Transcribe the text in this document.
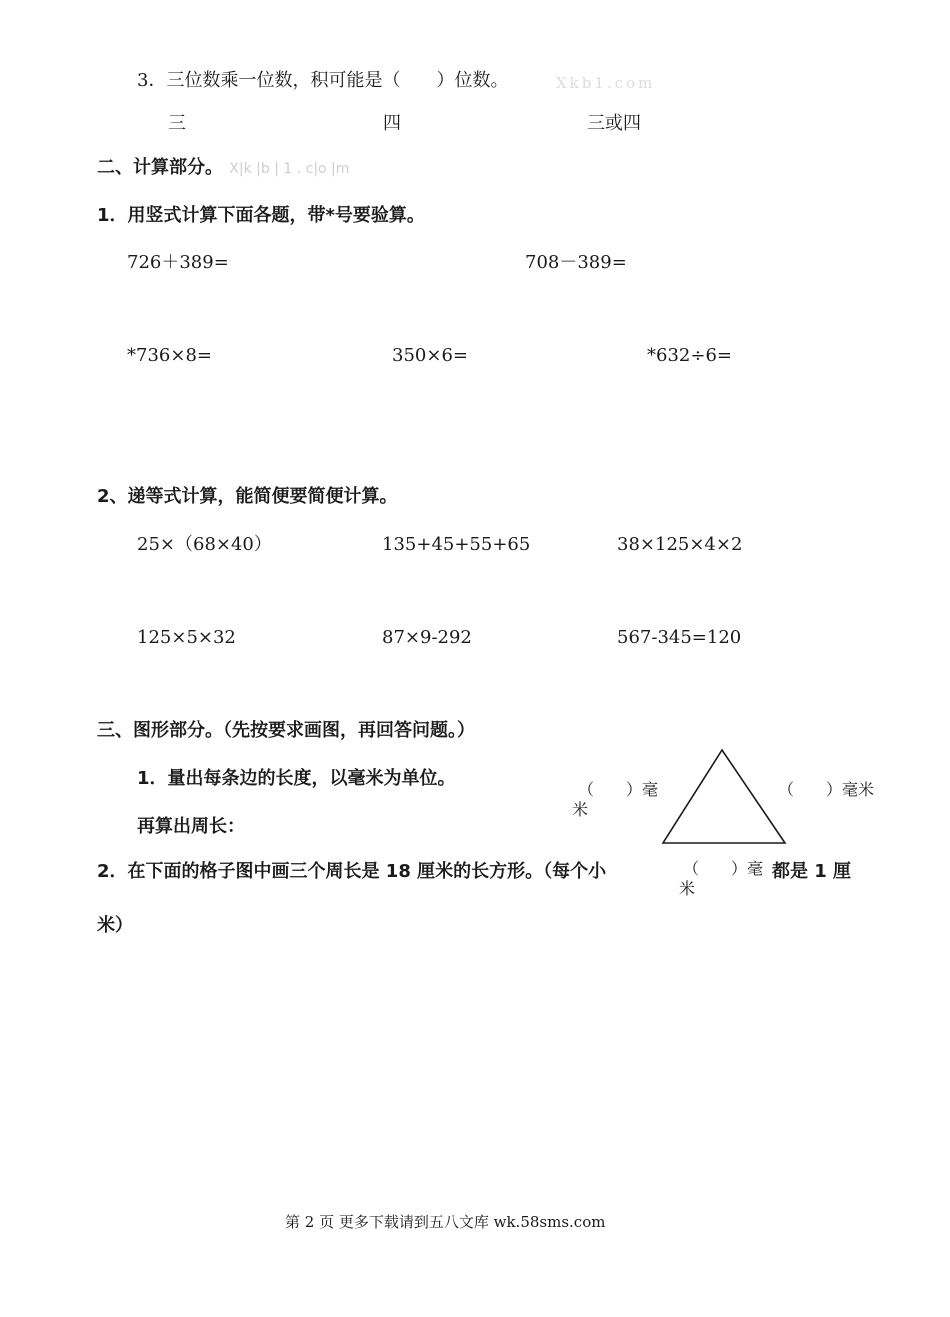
3．三位数乘一位数，积可能是（　　）位数。	Xkb1.com
三	四	三或四
二、计算部分。 X|k |b | 1 . c|o |m
1．用竖式计算下面各题，带*号要验算。
726＋389=	708－389=
*736×8=	350×6=	*632÷6=
2、递等式计算，能简便要简便计算。
25×（68×40）	135+45+55+65	38×125×4×2
125×5×32	87×9-292	567-345=120
三、图形部分。（先按要求画图，再回答问题。）
1．量出每条边的长度，以毫米为单位。
再算出周长：
（　　）毫
米
（　　）毫米
2．在下面的格子图中画三个周长是 18 厘米的长方形。（每个小	（　　）毫
米
都是 1 厘
米）
第 2 页 更多下载请到五八文库 wk.58sms.com
